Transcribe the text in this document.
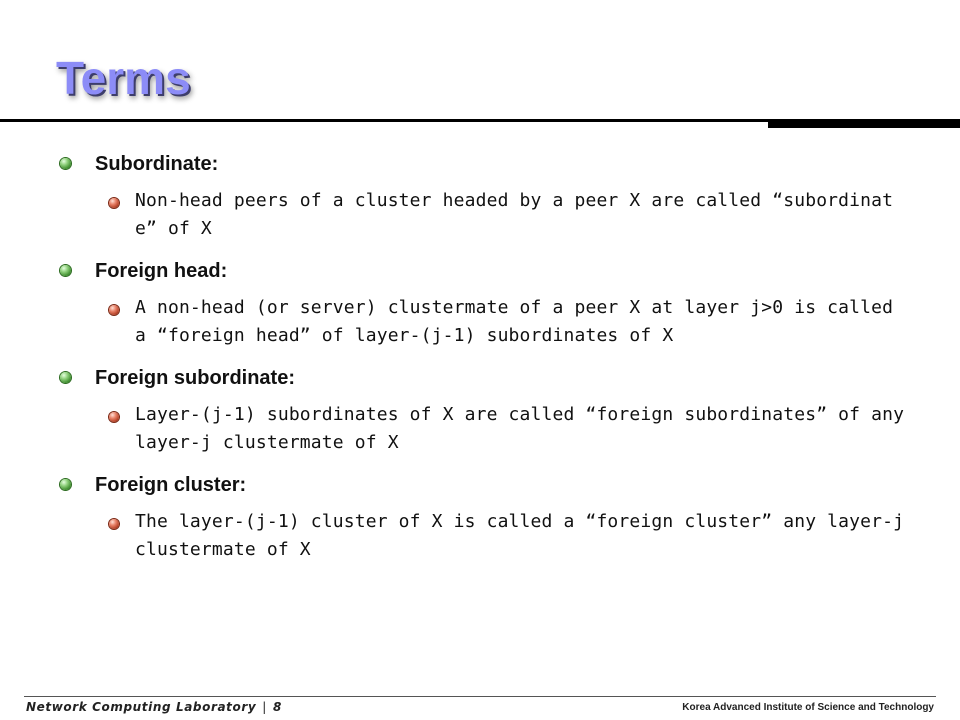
Terms
Subordinate:
Non-head peers of a cluster headed by a peer X are called “subordinate” of X
Foreign head:
A non-head (or server) clustermate of a peer X at layer j>0 is called a “foreign head” of layer-(j-1) subordinates of X
Foreign subordinate:
Layer-(j-1) subordinates of X are called “foreign subordinates” of any layer-j clustermate of X
Foreign cluster:
The layer-(j-1) cluster of X is called a “foreign cluster” any layer-j clustermate of X
Network Computing Laboratory | 8	Korea Advanced Institute of Science and Technology
